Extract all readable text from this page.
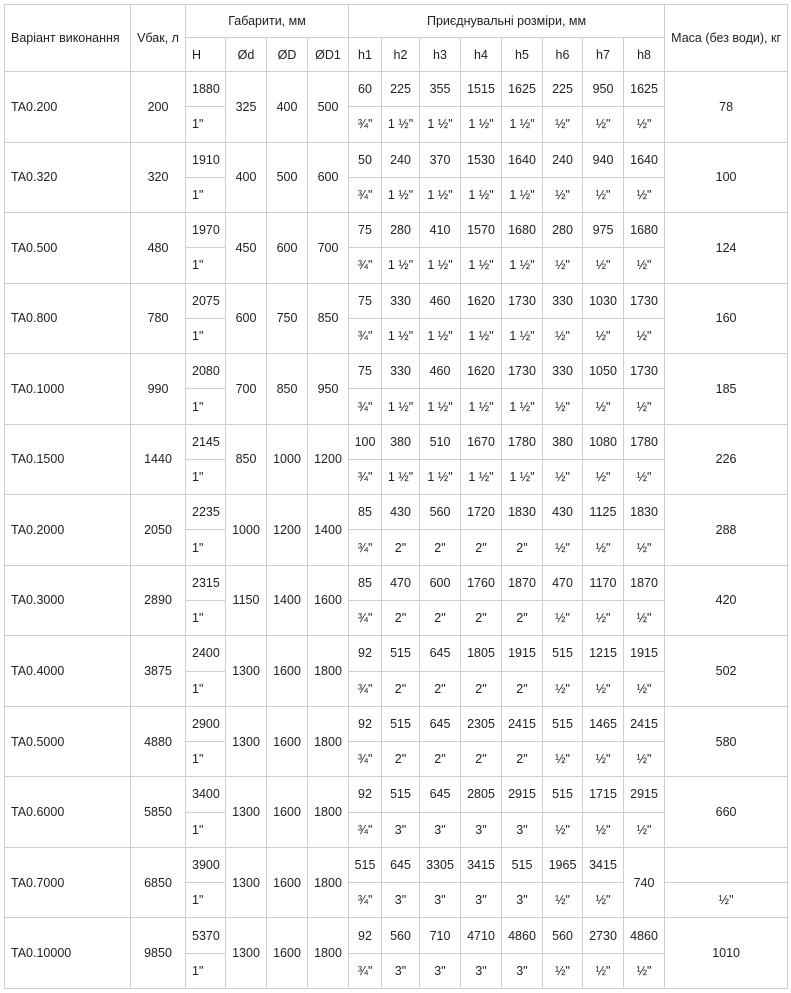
Варіант виконання	Vбак, л	Габарити, мм				Приєднувальні розміри, мм								Маса (без води), кг
		H	Ød	ØD	ØD1	h1	h2	h3	h4	h5	h6	h7	h8	
TA0.200	200	1880	325	400	500	60	225	355	1515	1625	225	950	1625	78
		1"				¾"	1 ½"	1 ½"	1 ½"	1 ½"	½"	½"	½"	
TA0.320	320	1910	400	500	600	50	240	370	1530	1640	240	940	1640	100
		1"				¾"	1 ½"	1 ½"	1 ½"	1 ½"	½"	½"	½"	
TA0.500	480	1970	450	600	700	75	280	410	1570	1680	280	975	1680	124
		1"				¾"	1 ½"	1 ½"	1 ½"	1 ½"	½"	½"	½"	
TA0.800	780	2075	600	750	850	75	330	460	1620	1730	330	1030	1730	160
		1"				¾"	1 ½"	1 ½"	1 ½"	1 ½"	½"	½"	½"	
TA0.1000	990	2080	700	850	950	75	330	460	1620	1730	330	1050	1730	185
		1"				¾"	1 ½"	1 ½"	1 ½"	1 ½"	½"	½"	½"	
TA0.1500	1440	2145	850	1000	1200	100	380	510	1670	1780	380	1080	1780	226
		1"				¾"	1 ½"	1 ½"	1 ½"	1 ½"	½"	½"	½"	
TA0.2000	2050	2235	1000	1200	1400	85	430	560	1720	1830	430	1125	1830	288
		1"				¾"	2"	2"	2"	2"	½"	½"	½"	
TA0.3000	2890	2315	1150	1400	1600	85	470	600	1760	1870	470	1170	1870	420
		1"				¾"	2"	2"	2"	2"	½"	½"	½"	
TA0.4000	3875	2400	1300	1600	1800	92	515	645	1805	1915	515	1215	1915	502
		1"				¾"	2"	2"	2"	2"	½"	½"	½"	
TA0.5000	4880	2900	1300	1600	1800	92	515	645	2305	2415	515	1465	2415	580
		1"				¾"	2"	2"	2"	2"	½"	½"	½"	
TA0.6000	5850	3400	1300	1600	1800	92	515	645	2805	2915	515	1715	2915	660
		1"				¾"	3"	3"	3"	3"	½"	½"	½"	
TA0.7000	6850	3900	1300	1600	1800	515	645	3305	3415	515	1965	3415	740	
		1"				¾"	3"	3"	3"	3"	½"	½"		½"
TA0.10000	9850	5370	1300	1600	1800	92	560	710	4710	4860	560	2730	4860	1010
		1"				¾"	3"	3"	3"	3"	½"	½"	½"	
